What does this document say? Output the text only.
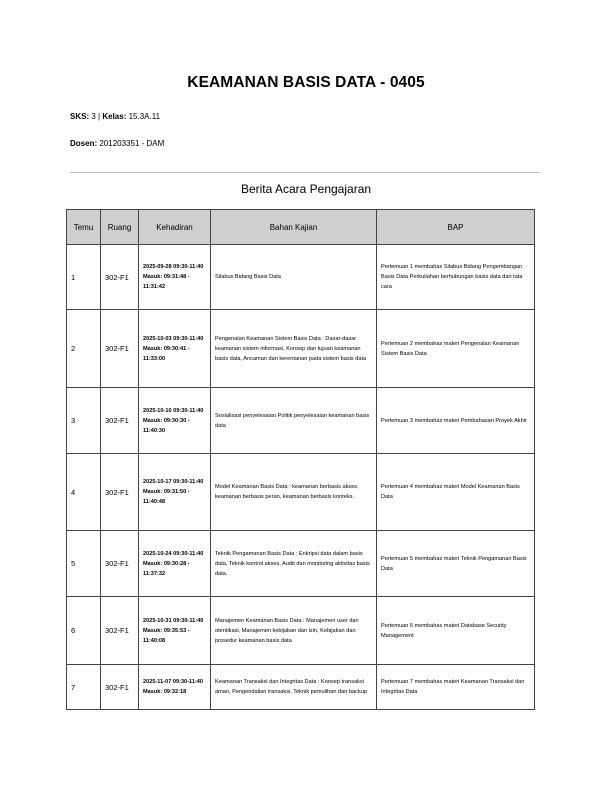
KEAMANAN BASIS DATA - 0405
SKS: 3 | Kelas: 15.3A.11
Dosen: 201203351 - DAM
Berita Acara Pengajaran
Temu	Ruang	Kehadiran	Bahan Kajian	BAP
1	302-F1	2025-09-28 09:30-11:40 Masuk: 09:31:48 - 11:31:42	Silabus Bidang Basis Data	Pertemuan 1 membahas Silabus Bidang Pengembangan Basis Data Perkuliahan berhubungan basis data dan tata cara
2	302-F1	2025-10-03 09:30-11:40 Masuk: 09:30:41 - 11:33:00	Pengenalan Keamanan Sistem Basis Data : Dasar-dasar keamanan sistem informasi, Konsep dan tujuan keamanan basis data, Ancaman dan kerentanan pada sistem basis data	Pertemuan 2 membahas materi Pengenalan Keamanan Sistem Basis Data
3	302-F1	2025-10-10 09:30-11:40 Masuk: 09:30:30 - 11:40:30	Sosialisasi penyelesaian Politik penyelesaian keamanan basis data	Pertemuan 3 membahas materi Pembahasan Proyek Akhir
4	302-F1	2025-10-17 09:30-11:40 Masuk: 09:31:50 - 11:40:48	Model Keamanan Basis Data : keamanan berbasis akses, keamanan berbasis peran, keamanan berbasis konteks.	Pertemuan 4 membahas materi Model Keamanan Basis Data
5	302-F1	2025-10-24 09:30-11:40 Masuk: 09:30:28 - 11:37:32	Teknik Pengamanan Basis Data : Enkripsi data dalam basis data, Teknik kontrol akses, Audit dan monitoring aktivitas basis data.	Pertemuan 5 membahas materi Teknik Pengamanan Basis Data
6	302-F1	2025-10-31 09:30-11:40 Masuk: 09:35:53 - 11:40:08	Manajemen Keamanan Basis Data : Manajemen user dan otentikasi, Manajemen kebijakan dan izin, Kebijakan dan prosedur keamanan basis data	Pertemuan 6 membahas materi Database Security Management
7	302-F1	2025-11-07 09:30-11:40 Masuk: 09:32:18	Keamanan Transaksi dan Integritas Data : Konsep transaksi aman, Pengendalian transaksi, Teknik pemulihan dan backup	Pertemuan 7 membahas materi Keamanan Transaksi dan Integritas Data
